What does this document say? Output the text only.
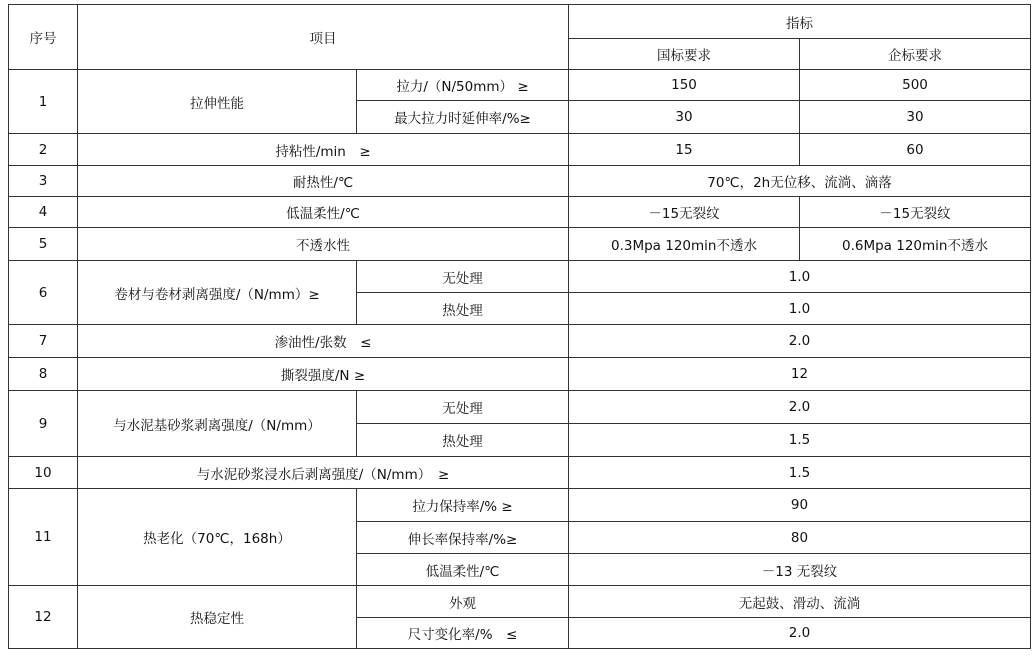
序号	项目		指标	
			国标要求	企标要求
1	拉伸性能	拉力/（N/50mm） ≥	150	500
		最大拉力时延伸率/%≥	30	30
2	持粘性/min　≥		15	60
3	耐热性/℃		70℃，2h无位移、流淌、滴落	
4	低温柔性/℃		－15无裂纹	－15无裂纹
5	不透水性		0.3Mpa 120min不透水	0.6Mpa 120min不透水
6	卷材与卷材剥离强度/（N/mm）≥	无处理	1.0	
		热处理	1.0	
7	渗油性/张数　≤		2.0	
8	撕裂强度/N ≥		12	
9	与水泥基砂浆剥离强度/（N/mm）	无处理	2.0	
		热处理	1.5	
10	与水泥砂浆浸水后剥离强度/（N/mm）　≥		1.5	
11	热老化（70℃，168h）	拉力保持率/% ≥	90	
		伸长率保持率/%≥	80	
		低温柔性/℃	－13 无裂纹	
12	热稳定性	外观	无起鼓、滑动、流淌	
		尺寸变化率/%　≤	2.0	
